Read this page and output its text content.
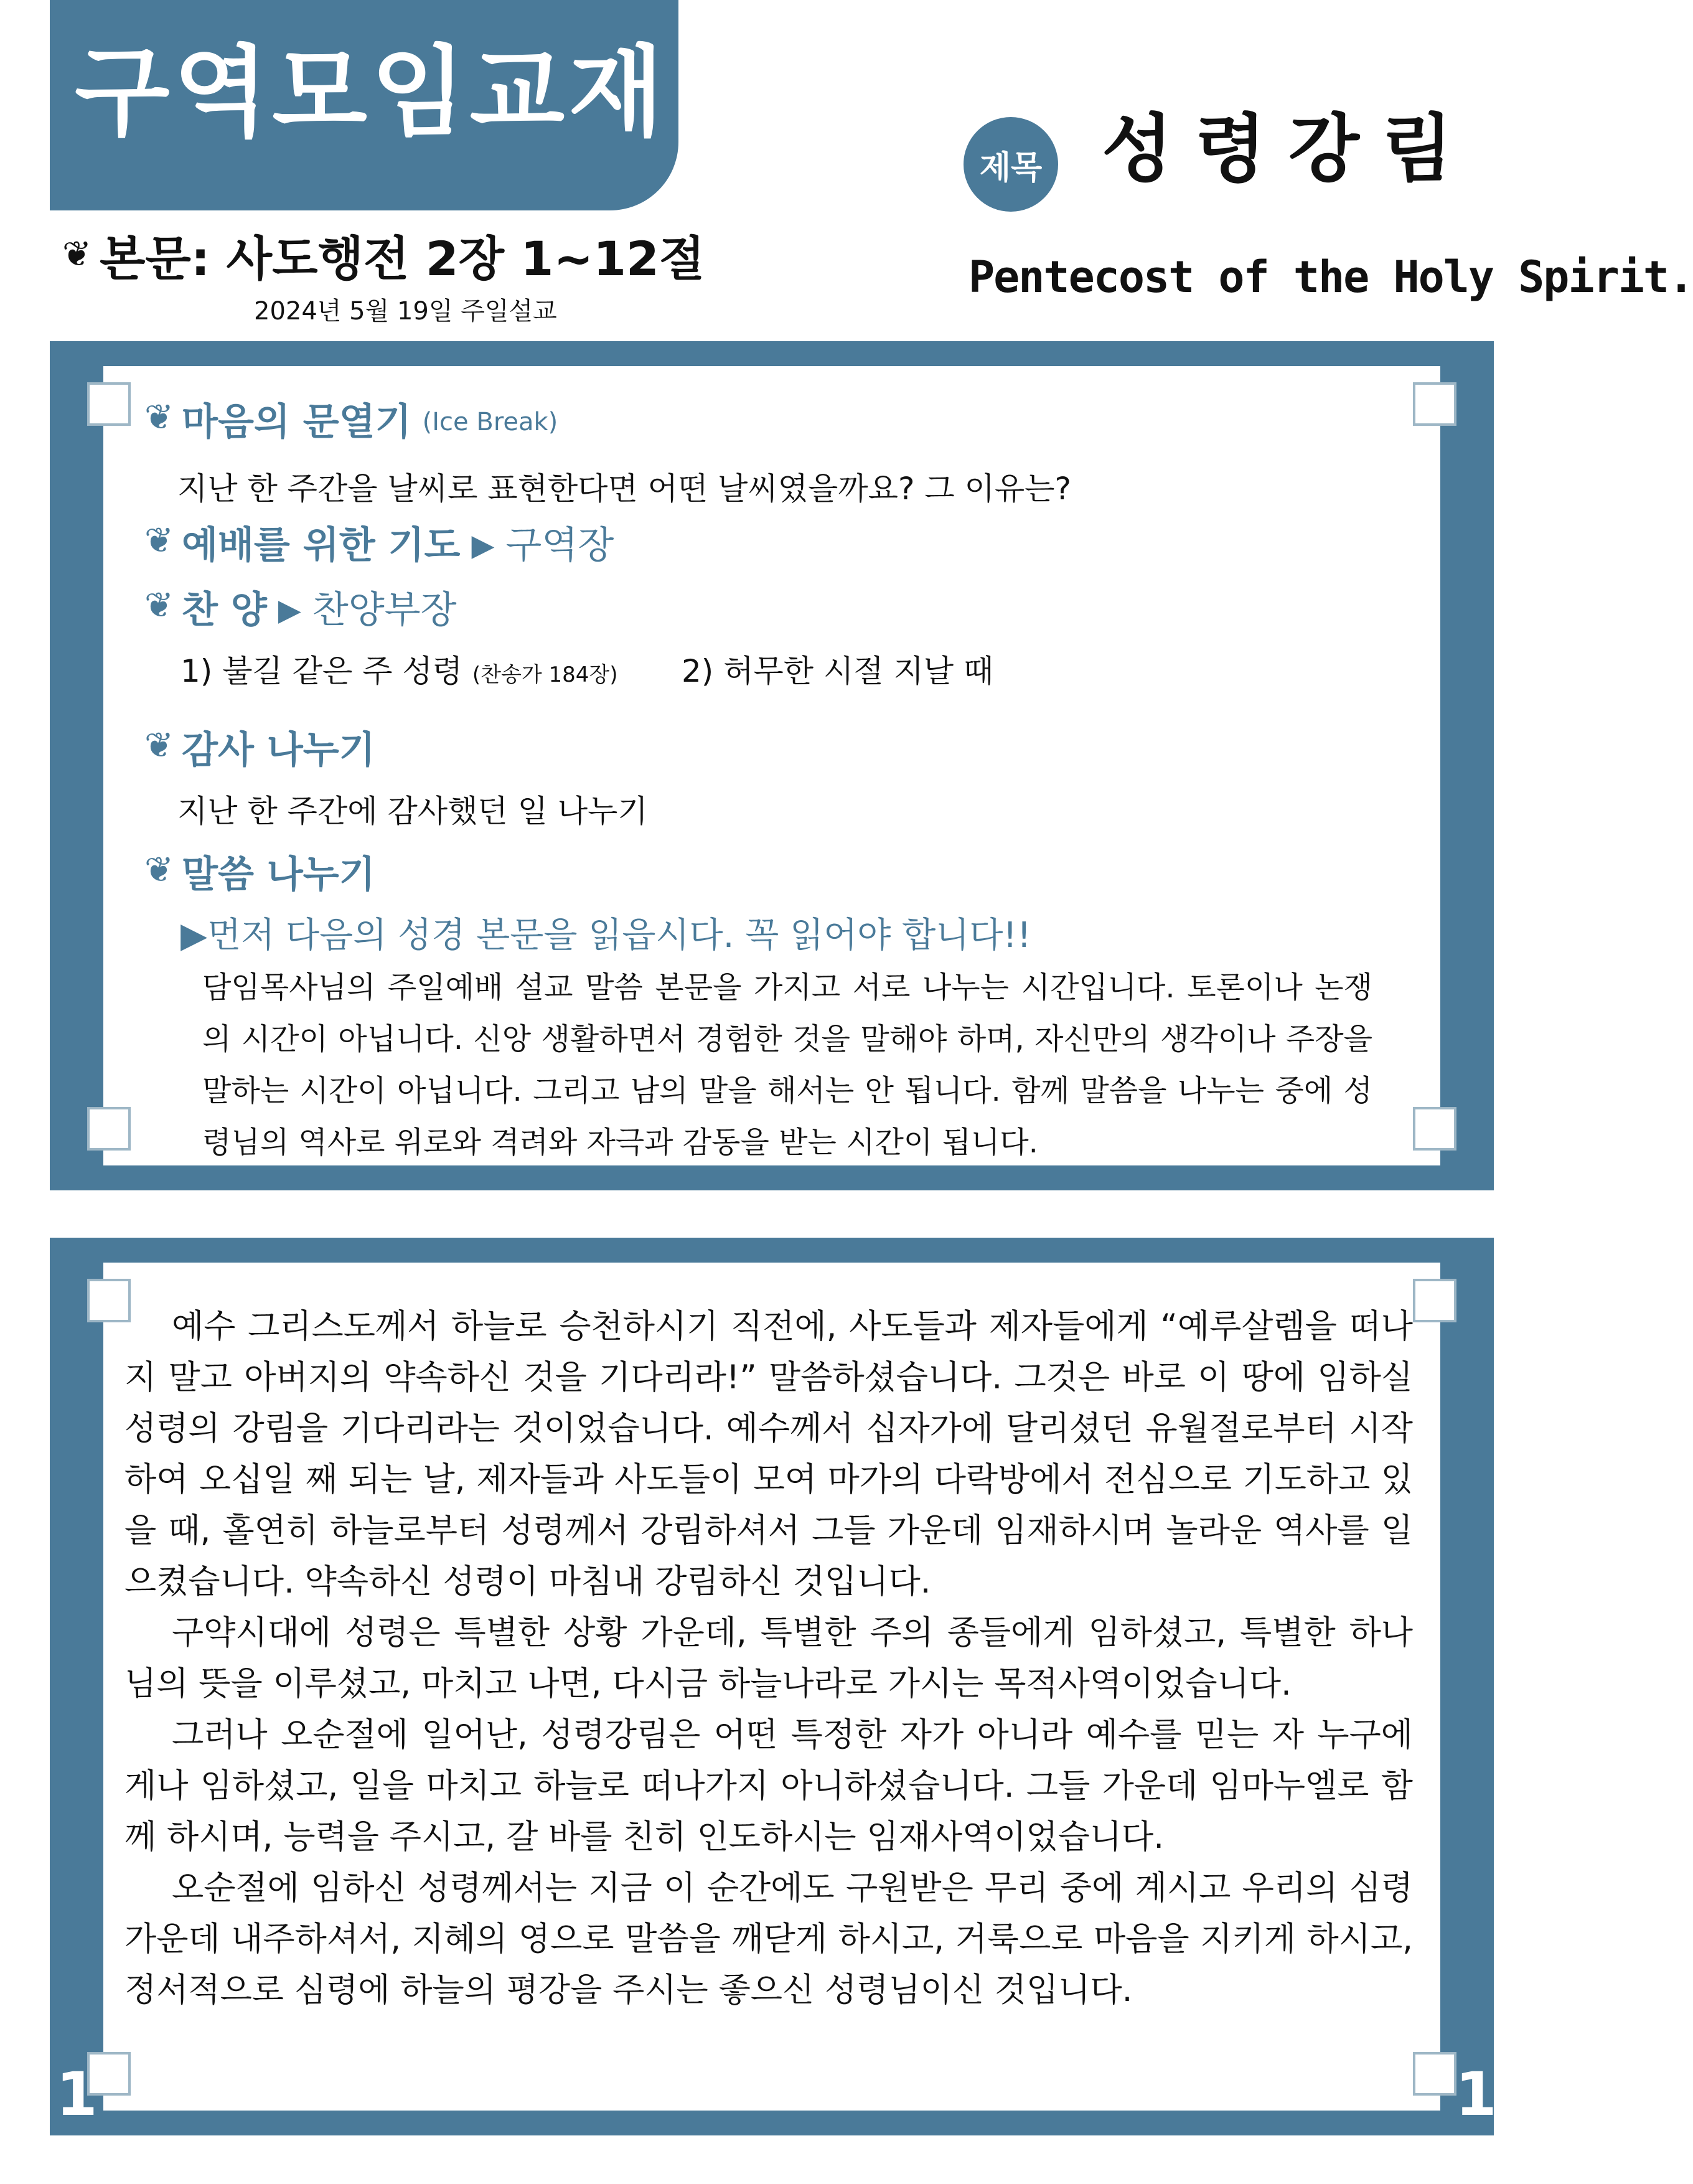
구역모임교재
제목 성령강림
❦
본문: 사도행전 2장 1~12절
2024년 5월 19일 주일설교
Pentecost of the Holy Spirit.
❦
마음의 문열기 (Ice Break)
지난 한 주간을 날씨로 표현한다면 어떤 날씨였을까요? 그 이유는?
❦
예배를 위한 기도 ▶ 구역장
❦
찬 양 ▶ 찬양부장
1) 불길 같은 주 성령 (찬송가 184장) 2) 허무한 시절 지날 때
❦
감사 나누기
지난 한 주간에 감사했던 일 나누기
❦
말씀 나누기
▶먼저 다음의 성경 본문을 읽읍시다. 꼭 읽어야 합니다!!
담임목사님의 주일예배 설교 말씀 본문을 가지고 서로 나누는 시간입니다. 토론이나 논쟁의 시간이 아닙니다. 신앙 생활하면서 경험한 것을 말해야 하며, 자신만의 생각이나 주장을 말하는 시간이 아닙니다. 그리고 남의 말을 해서는 안 됩니다. 함께 말씀을 나누는 중에 성령님의 역사로 위로와 격려와 자극과 감동을 받는 시간이 됩니다.
1	1

예수 그리스도께서 하늘로 승천하시기 직전에, 사도들과 제자들에게 “예루살렘을 떠나지 말고 아버지의 약속하신 것을 기다리라!” 말씀하셨습니다. 그것은 바로 이 땅에 임하실 성령의 강림을 기다리라는 것이었습니다. 예수께서 십자가에 달리셨던 유월절로부터 시작하여 오십일 째 되는 날, 제자들과 사도들이 모여 마가의 다락방에서 전심으로 기도하고 있을 때, 홀연히 하늘로부터 성령께서 강림하셔서 그들 가운데 임재하시며 놀라운 역사를 일으켰습니다. 약속하신 성령이 마침내 강림하신 것입니다.

구약시대에 성령은 특별한 상황 가운데, 특별한 주의 종들에게 임하셨고, 특별한 하나님의 뜻을 이루셨고, 마치고 나면, 다시금 하늘나라로 가시는 목적사역이었습니다.

그러나 오순절에 일어난, 성령강림은 어떤 특정한 자가 아니라 예수를 믿는 자 누구에게나 임하셨고, 일을 마치고 하늘로 떠나가지 아니하셨습니다. 그들 가운데 임마누엘로 함께 하시며, 능력을 주시고, 갈 바를 친히 인도하시는 임재사역이었습니다.

오순절에 임하신 성령께서는 지금 이 순간에도 구원받은 무리 중에 계시고 우리의 심령 가운데 내주하셔서, 지혜의 영으로 말씀을 깨닫게 하시고, 거룩으로 마음을 지키게 하시고, 정서적으로 심령에 하늘의 평강을 주시는 좋으신 성령님이신 것입니다.
